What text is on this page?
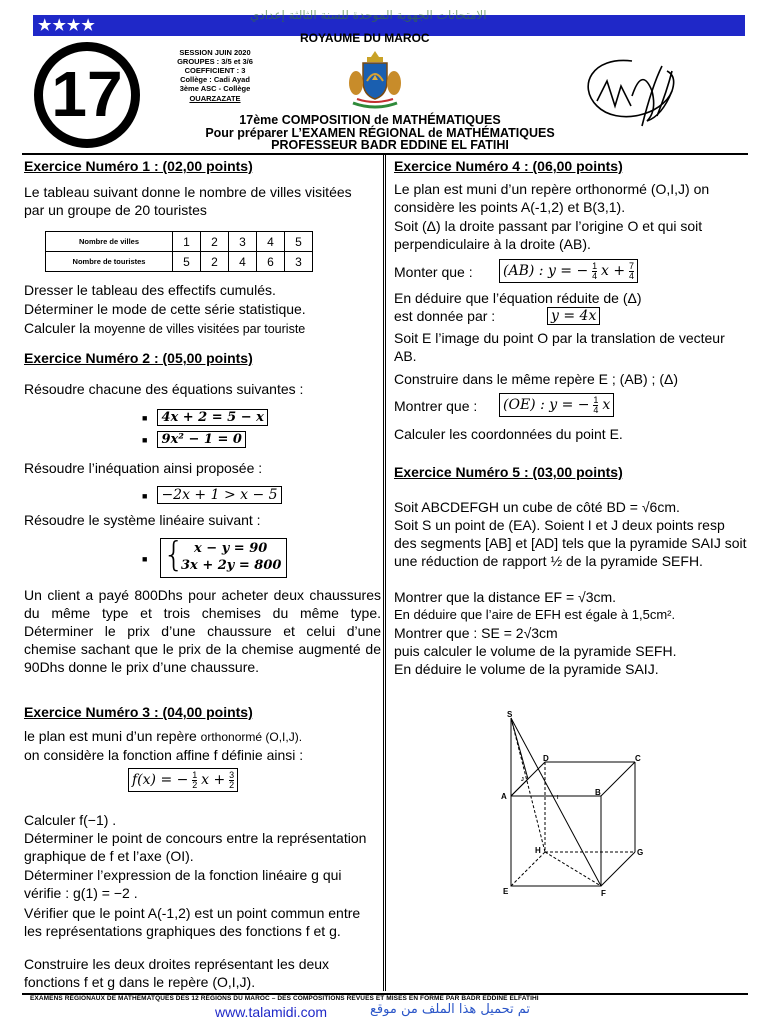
★★★★
الامتحانات الجهوية الموحدة للسنة الثالثة إعدادي
ROYAUME DU MAROC
17
SESSION JUIN 2020
GROUPES : 3/5 et 3/6
COEFFICIENT : 3
Collège : Cadi Ayad
3ème ASC - Collège
OUARZAZATE
17ème COMPOSITION de MATHÉMATIQUES
Pour préparer L’EXAMEN RÉGIONAL de MATHÉMATIQUES
PROFESSEUR BADR EDDINE EL FATIHI
Exercice Numéro 1 : (02,00 points)
Le tableau suivant donne le nombre de villes visitées par un groupe de 20 touristes
Nombre de villes	1	2	3	4	5
Nombre de touristes	5	2	4	6	3
Dresser le tableau des effectifs cumulés.
Déterminer le mode de cette série statistique.
Calculer la moyenne de villes visitées par touriste
Exercice Numéro 2 : (05,00 points)
Résoudre chacune des équations suivantes :
■ 4x + 2 = 5 − x
■ 9x² − 1 = 0
Résoudre l’inéquation ainsi proposée :
■ −2x + 1 > x − 5
Résoudre le système linéaire suivant :
■ { x − y = 90
3x + 2y = 800
Un client a payé 800Dhs pour acheter deux chaussures du même type et trois chemises du même type. Déterminer le prix d’une chaussure et celui d’une chemise sachant que le prix de la chemise augmenté de 90Dhs donne le prix d’une chaussure.
Exercice Numéro 3 : (04,00 points)
le plan est muni d’un repère orthonormé (O,I,J).
on considère la fonction affine f définie ainsi :
f(x) = − $\frac{1}{2}$ $x + \frac{3}{2}$
Calculer f(−1) .
Déterminer le point de concours entre la représentation graphique de f et l’axe (OI).
Déterminer l’expression de la fonction linéaire g qui vérifie : g(1) = −2 .
Vérifier que le point A(-1,2) est un point commun entre les représentations graphiques des fonctions f et g.
Construire les deux droites représentant les deux fonctions f et g dans le repère (O,I,J).
Exercice Numéro 4 : (06,00 points)
Le plan est muni d’un repère orthonormé (O,I,J) on considère les points A(-1,2) et B(3,1).
Soit (Δ) la droite passant par l’origine O et qui soit perpendiculaire à la droite (AB).
Monter que : (AB) : y = − $\frac{1}{4}$ $x + \frac{7}{4}$
En déduire que l’équation réduite de (Δ)
est donnée par :	y = 4x
Soit E l’image du point O par la translation de vecteur AB.
Construire dans le même repère E ; (AB) ; (Δ)
Montrer que : (OE) : y = − $\frac{1}{4}$ x
Calculer les coordonnées du point E.
Exercice Numéro 5 : (03,00 points)
Soit ABCDEFGH un cube de côté BD = √6cm.
Soit S un point de (EA). Soient I et J deux points resp des segments [AB] et [AD] tels que la pyramide SAIJ soit une réduction de rapport ½ de la pyramide SEFH.
Montrer que la distance EF = √3cm.
En déduire que l’aire de EFH est égale à 1,5cm².
Montrer que : SE = 2√3cm
puis calculer le volume de la pyramide SEFH.
En déduire le volume de la pyramide SAIJ.
S
D	C
A	B
H	G
E	F
I
J
EXAMENS RÉGIONAUX DE MATHÉMATQUES DES 12 RÉGIONS DU MAROC – DES COMPOSITIONS REVUES ET MISES EN FORME PAR BADR EDDINE ELFATIHI
www.talamidi.com	تم تحميل هذا الملف من موقع
